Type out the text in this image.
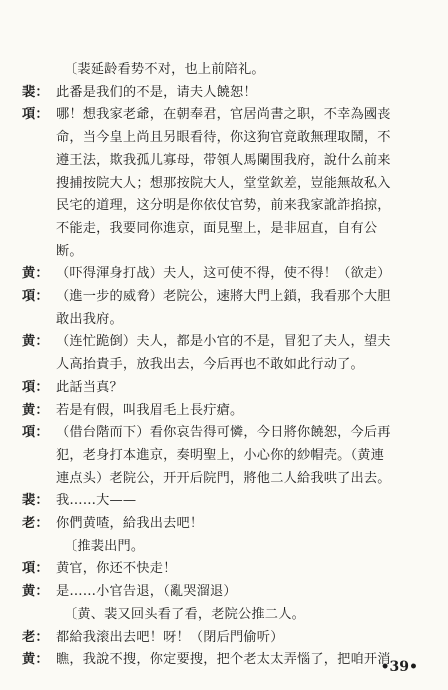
〔裴延龄看势不对，也上前陪礼。
裴： 此番是我们的不是，请夫人饒恕！
項： 哪！想我家老爺，在朝奉君，官居尚書之职，不幸為國丧
命，当今皇上尚且另眼看待，你这狗官竟敢無理取鬧，不
遵王法，欺我孤儿寡母，带領人馬闌围我府，說什么前来
搜捕按院大人；想那按院大人，堂堂欽差，豈能無故私入
民宅的道理，这分明是你依仗官势，前来我家訛詐掐掠，
不能走，我要同你進京，面見聖上，是非屈直，自有公
断。
黄： （吓得渾身打战）夫人，这可使不得，使不得！（欲走）
項： （進一步的威脅）老院公，速將大門上鎖，我看那个大胆
敢出我府。
黄： （连忙跪倒）夫人，都是小官的不是，冒犯了夫人，望夫
人高抬貴手，放我出去，今后再也不敢如此行动了。
項： 此話当真？
黄： 若是有假，叫我眉毛上長疔瘡。
項： （借台階而下）看你哀告得可憐，今日將你饒恕，今后再
犯，老身打本進京，奏明聖上，小心你的紗帽壳。（黄連
連点头）老院公，开开后院門，將他二人給我哄了出去。
裴： 我……大——
老： 你們黄喳，給我出去吧！
〔推裴出門。
項： 黄官，你还不快走！
黄： 是……小官告退，（亂哭溜退）
〔黄、裴又回头看了看，老院公推二人。
老： 都給我滚出去吧！呀！（閉后門偷听）
黄： 瞧，我說不搜，你定要搜，把个老太太弄惱了，把咱开消
•39•
